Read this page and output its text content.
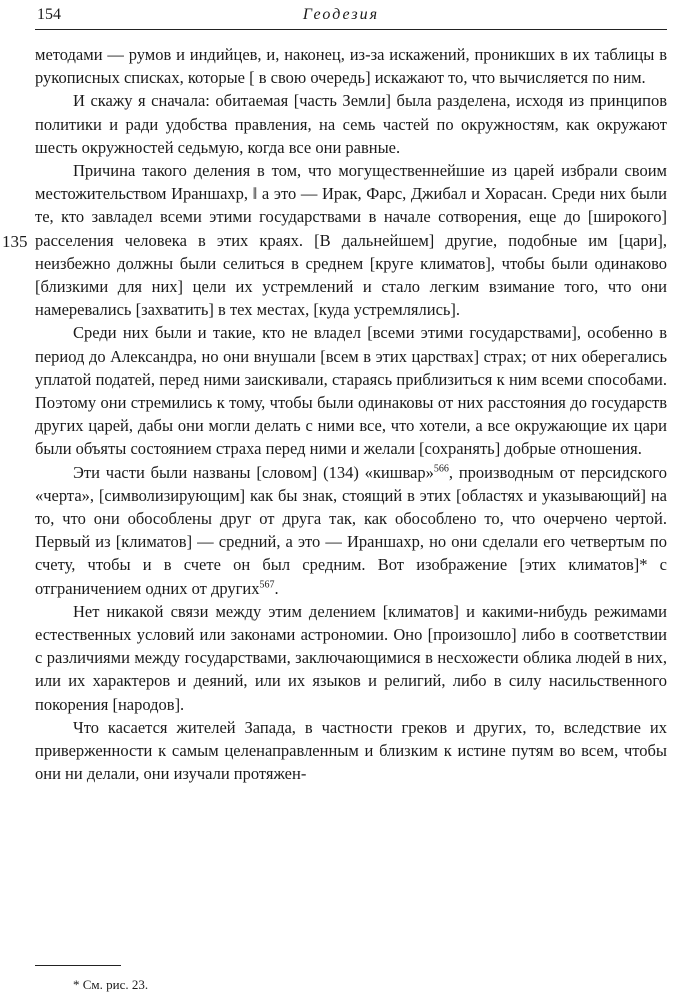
154	Геодезия
135

методами — румов и индийцев, и, наконец, из-за искажений, проникших в их таблицы в рукописных списках, которые [ в свою очередь] искажают то, что вычисляется по ним.

И скажу я сначала: обитаемая [часть Земли] была разделена, исходя из принципов политики и ради удобства правления, на семь частей по окружностям, как окружают шесть окружностей седьмую, когда все они равные.

Причина такого деления в том, что могущественнейшие из царей избрали своим местожительством Ираншахр, ‖ а это — Ирак, Фарс, Джибал и Хорасан. Среди них были те, кто завладел всеми этими государствами в начале сотворения, еще до [широкого] расселения человека в этих краях. [В дальнейшем] другие, подобные им [цари], неизбежно должны были селиться в среднем [круге климатов], чтобы были одинаково [близкими для них] цели их устремлений и стало легким взимание того, что они намеревались [захватить] в тех местах, [куда устремлялись].

Среди них были и такие, кто не владел [всеми этими государствами], особенно в период до Александра, но они внушали [всем в этих царствах] страх; от них оберегались уплатой податей, перед ними заискивали, стараясь приблизиться к ним всеми способами. Поэтому они стремились к тому, чтобы были одинаковы от них расстояния до государств других царей, дабы они могли делать с ними все, что хотели, а все окружающие их цари были объяты состоянием страха перед ними и желали [сохранять] добрые отношения.

Эти части были названы [словом] (134) «кишвар»$^{566}$, производным от персидского «черта», [символизирующим] как бы знак, стоящий в этих [областях и указывающий] на то, что они обособлены друг от друга так, как обособлено то, что очерчено чертой. Первый из [климатов] — средний, а это — Ираншахр, но они сделали его четвертым по счету, чтобы и в счете он был средним. Вот изображение [этих климатов]* с отграничением одних от других$^{567}$.

Нет никакой связи между этим делением [климатов] и какими-нибудь режимами естественных условий или законами астрономии. Оно [произошло] либо в соответствии с различиями между государствами, заключающимися в несхожести облика людей в них, или их характеров и деяний, или их языков и религий, либо в силу насильственного покорения [народов].

Что касается жителей Запада, в частности греков и других, то, вследствие их приверженности к самым целенаправленным и близким к истине путям во всем, чтобы они ни делали, они изучали протяжен-

* См. рис. 23.
